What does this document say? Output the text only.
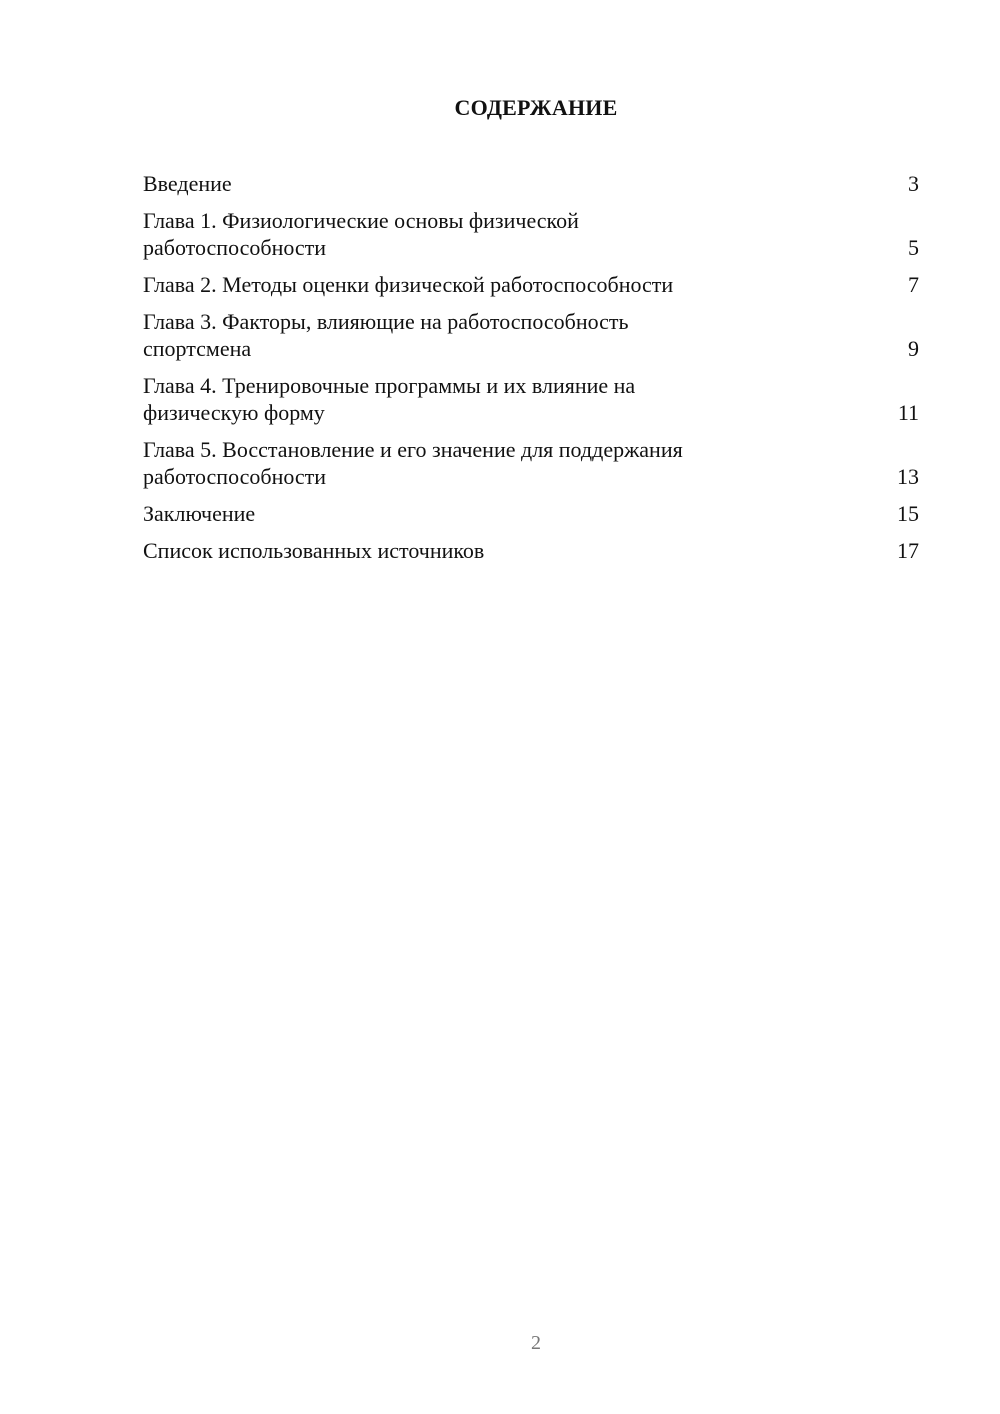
СОДЕРЖАНИЕ
Введение	3
Глава 1. Физиологические основы физической работоспособности	5
Глава 2. Методы оценки физической работоспособности	7
Глава 3. Факторы, влияющие на работоспособность спортсмена	9
Глава 4. Тренировочные программы и их влияние на физическую форму	11
Глава 5. Восстановление и его значение для поддержания работоспособности	13
Заключение	15
Список использованных источников	17
2
